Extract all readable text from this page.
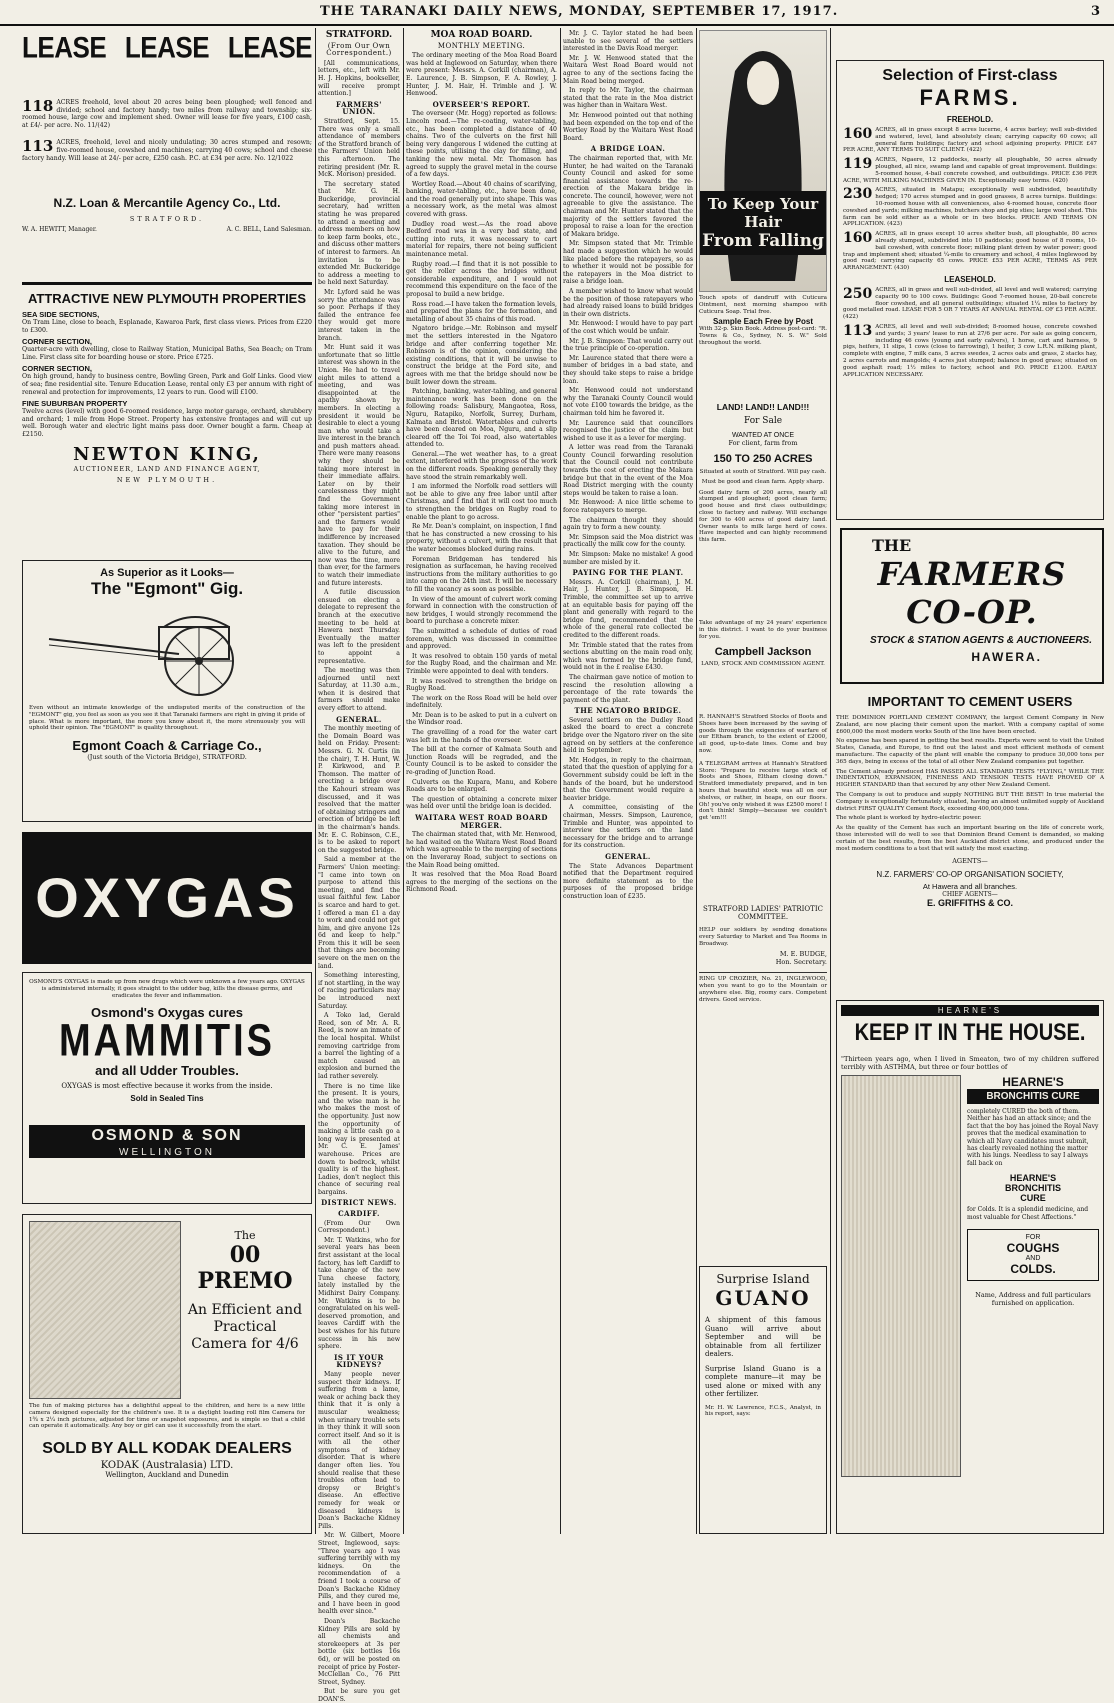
THE TARANAKI DAILY NEWS, MONDAY, SEPTEMBER 17, 1917.	3
LEASE LEASE LEASE

118 ACRES freehold, level about 20 acres being been ploughed; well fenced and divided; school and factory handy; two miles from railway and township; six-roomed house, large cow and implement shed. Owner will lease for five years, £100 cash, at £4/- per acre. No. 11/(42)

113 ACRES, freehold, level and nicely undulating; 30 acres stumped and resown; five-roomed house, cowshed and machines; carrying 40 cows; school and cheese factory handy. Will lease at 24/- per acre, £250 cash. P.C. at £34 per acre. No. 12/1022

N.Z. Loan & Mercantile Agency Co., Ltd.
STRATFORD.
W. A. HEWITT, Manager.	A. C. BELL, Land Salesman.
ATTRACTIVE NEW PLYMOUTH PROPERTIES
SEA SIDE SECTIONS,
On Tram Line, close to beach, Esplanade, Kawaroa Park, first class views. Prices from £220 to £300.
CORNER SECTION,
Quarter-acre with dwelling, close to Railway Station, Municipal Baths, Sea Beach; on Tram Line. First class site for boarding house or store. Price £725.
CORNER SECTION,
On high ground, handy to business centre, Bowling Green, Park and Golf Links. Good view of sea; fine residential site. Tenure Education Lease, rental only £3 per annum with right of renewal and protection for improvements, 12 years to run. Good will £100.
FINE SUBURBAN PROPERTY
Twelve acres (level) with good 6-roomed residence, large motor garage, orchard, shrubbery and orchard; 1 mile from Hope Street. Property has extensive frontages and will cut up well. Borough water and electric light mains pass door. Owner bought a farm. Cheap at £2150.
NEWTON KING,
AUCTIONEER, LAND AND FINANCE AGENT,
NEW PLYMOUTH.
As Superior as it Looks—
The "Egmont" Gig.
Even without an intimate knowledge of the undisputed merits of the construction of the "EGMONT" gig, you feel as soon as you see it that Taranaki farmers are right in giving it pride of place. What is more important, the more you know about it, the more strenuously you will uphold their opinion. The "EGMONT" is quality throughout.
Egmont Coach & Carriage Co.,
(Just south of the Victoria Bridge), STRATFORD.
OXYGAS
OSMOND'S OXYGAS is made up from new drugs which were unknown a few years ago. OXYGAS is administered internally, it goes straight to the udder bag, kills the disease germs, and eradicates the fever and inflammation.
Osmond's Oxygas cures
MAMMITIS
and all Udder Troubles.
OXYGAS is most effective because it works from the inside.
Sold in Sealed Tins
OSMOND & SON
WELLINGTON
The
00 PREMO
An Efficient and Practical Camera for 4/6
The fun of making pictures has a delightful appeal to the children, and here is a new little camera designed especially for the children's use. It is a daylight loading roll film Camera for 1¾ x 2¼ inch pictures, adjusted for time or snapshot exposures, and is simple so that a child can operate it automatically. Any boy or girl can use it successfully from the start.
SOLD BY ALL KODAK DEALERS
KODAK (Australasia) LTD.
Wellington, Auckland and Dunedin
STRATFORD.
(From Our Own Correspondent.)

[All communications, letters, etc., left with Mr. H. J. Hopkins, bookseller, will receive prompt attention.]

FARMERS' UNION.

Stratford, Sept. 15. There was only a small attendance of members of the Stratford branch of the Farmers' Union held this afternoon. The retiring president (Mr. R. McK. Morison) presided.

The secretary stated that Mr. G. H. Buckeridge, provincial secretary, had written stating he was prepared to attend a meeting and address members on how to keep farm books, etc., and discuss other matters of interest to farmers. An invitation is to be extended Mr. Buckeridge to address a meeting to be held next Saturday.

Mr. Lyford said he was sorry the attendance was so poor. Perhaps if they failed the entrance fee they would get more interest taken in the branch.

Mr. Hunt said it was unfortunate that so little interest was shown in the Union. He had to travel eight miles to attend a meeting, and was disappointed at the apathy shown by members. In electing a president it would be desirable to elect a young man who would take a live interest in the branch and push matters ahead. There were many reasons why they should be taking more interest in their immediate affairs. Later on by their carelessness they might find the Government taking more interest in other "persistent parties" and the farmers would have to pay for their indifference by increased taxation. They should be alive to the future, and now was the time, more than ever, for the farmers to watch their immediate and future interests.

A futile discussion ensued on electing a delegate to represent the branch at the executive meeting to be held at Hawera next Thursday. Eventually the matter was left to the president to appoint a representative.

The meeting was then adjourned until next Saturday, at 11.30 a.m., when it is desired that farmers should make every effort to attend.

GENERAL.

The monthly meeting of the Domain Board was held on Friday. Present: Messrs. G. N. Curtis (in the chair), T. H. Hunt, W. P. Kirkwood, and P. Thomson. The matter of erecting a bridge over the Kahouri stream was discussed, and it was resolved that the matter of obtaining stringers and erection of bridge be left in the chairman's hands. Mr. E. C. Robinson, C.E., is to be asked to report on the suggested bridge.

Said a member at the Farmers' Union meeting: "I came into town on purpose to attend this meeting, and find the usual faithful few. Labor is scarce and hard to get. I offered a man £1 a day to work and could not get him, and give anyone 12s 6d and keep to help." From this it will be seen that things are becoming severe on the men on the land.

Something interesting, if not startling, in the way of racing particulars may be introduced next Saturday.

A Toko lad, Gerald Reed, son of Mr. A. R. Reed, is now an inmate of the local hospital. Whilst removing cartridge from a barrel the lighting of a match caused an explosion and burned the lad rather severely.

There is no time like the present. It is yours, and the wise man is he who makes the most of the opportunity. Just now the opportunity of making a little cash go a long way is presented at Mr. C. E. James' warehouse. Prices are down to bedrock, whilst quality is of the highest. Ladies, don't neglect this chance of securing real bargains.

DISTRICT NEWS.
CARDIFF.

(From Our Own Correspondent.)

Mr. T. Watkins, who for several years has been first assistant at the local factory, has left Cardiff to take charge of the new Tuna cheese factory, lately installed by the Midhirst Dairy Company. Mr. Watkins is to be congratulated on his well-deserved promotion, and leaves Cardiff with the best wishes for his future success in his new sphere.

IS IT YOUR KIDNEYS?

Many people never suspect their kidneys. If suffering from a lame, weak or aching back they think that it is only a muscular weakness; when urinary trouble sets in they think it will soon correct itself. And so it is with all the other symptoms of kidney disorder. That is where danger often lies. You should realise that these troubles often lead to dropsy or Bright's disease. An effective remedy for weak or diseased kidneys is Doan's Backache Kidney Pills.

Mr. W. Gilbert, Moore Street, Inglewood, says: "Three years ago I was suffering terribly with my kidneys. On the recommendation of a friend I took a course of Doan's Backache Kidney Pills, and they cured me, and I have been in good health ever since."

Doan's Backache Kidney Pills are sold by all chemists and storekeepers at 3s per bottle (six bottles 16s 6d), or will be posted on receipt of price by Foster-McClellan Co., 76 Pitt Street, Sydney.

But be sure you get DOAN'S.

MOA ROAD BOARD.
MONTHLY MEETING.

The ordinary meeting of the Moa Road Board was held at Inglewood on Saturday, when there were present: Messrs. A. Corkill (chairman), A. E. Laurence, J. B. Simpson, F. A. Rowley, J. Hunter, J. M. Hair, H. Trimble and J. W. Henwood.

OVERSEER'S REPORT.

The overseer (Mr. Hogg) reported as follows: Lincoln road.—The re-coating, water-tabling, etc., has been completed a distance of 40 chains. Two of the culverts on the first hill being very dangerous I widened the cutting at these points, utilising the clay for filling, and tanking the new metal. Mr. Thomason has agreed to supply the gravel metal in the course of a few days.

Wortley Road.—About 40 chains of scarifying, banking, water-tabling, etc., have been done, and the road generally put into shape. This was a necessary work, as the metal was almost covered with grass.

Dudley road west.—As the road above Bedford road was in a very bad state, and cutting into ruts, it was necessary to cart material for repairs, there not being sufficient maintenance metal.

Rugby road.—I find that it is not possible to get the roller across the bridges without considerable expenditure, and I would not recommend this expenditure on the face of the proposal to build a new bridge.

Ross road.—I have taken the formation levels, and prepared the plans for the formation, and metalling of about 35 chains of this road.

Ngatoro bridge.—Mr. Robinson and myself met the settlers interested in the Ngatoro bridge and after conferring together Mr. Robinson is of the opinion, considering the existing conditions, that it will be unwise to construct the bridge at the Ford site, and agrees with me that the bridge should now be built lower down the stream.

Patching, banking, water-tabling, and general maintenance work has been done on the following roads: Salisbury, Mangaotea, Ross, Nguru, Ratapiko, Norfolk, Surrey, Durham, Kalmata and Bristol. Watertables and culverts have been cleared on Moa, Nguru, and a slip cleared off the Toi Toi road, also watertables attended to.

General.—The wet weather has, to a great extent, interfered with the progress of the work on the different roads. Speaking generally they have stood the strain remarkably well.

I am informed the Norfolk road settlers will not be able to give any free labor until after Christmas, and I find that it will cost too much to strengthen the bridges on Rugby road to enable the plant to go across.

Re Mr. Dean's complaint, on inspection, I find that he has constructed a new crossing to his property, without a culvert, with the result that the water becomes blocked during rains.

Foreman Bridgeman has tendered his resignation as surfaceman, he having received instructions from the military authorities to go into camp on the 24th inst. It will be necessary to fill the vacancy as soon as possible.

In view of the amount of culvert work coming forward in connection with the construction of new bridges, I would strongly recommend the board to purchase a concrete mixer.

The submitted a schedule of duties of road foremen, which was discussed in committee and approved.

It was resolved to obtain 150 yards of metal for the Rugby Road, and the chairman and Mr. Trimble were appointed to deal with tenders.

It was resolved to strengthen the bridge on Rugby Road.

The work on the Ross Road will be held over indefinitely.

Mr. Dean is to be asked to put in a culvert on the Windsor road.

The gravelling of a road for the water cart was left in the hands of the overseer.

The bill at the corner of Kalmata South and Junction Roads will be regraded, and the County Council is to be asked to consider the re-grading of Junction Road.

Culverts on the Kupara, Manu, and Kobere Roads are to be enlarged.

The question of obtaining a concrete mixer was held over until the bridge loan is decided.

WAITARA WEST ROAD BOARD MERGER.

The chairman stated that, with Mr. Henwood, he had waited on the Waitara West Road Board which was agreeable to the merging of sections on the Inveraray Road, subject to sections on the Main Road being omitted.

It was resolved that the Moa Road Board agrees to the merging of the sections on the Richmond Road.

Mr. J. C. Taylor stated he had been unable to see several of the settlers interested in the Davis Road merger.

Mr. J. W. Henwood stated that the Waitara West Road Board would not agree to any of the sections facing the Main Road being merged.

In reply to Mr. Taylor, the chairman stated that the rate in the Moa district was higher than in Waitara West.

Mr. Henwood pointed out that nothing had been expended on the top end of the Wortley Road by the Waitara West Road Board.

A BRIDGE LOAN.

The chairman reported that, with Mr. Hunter, he had waited on the Taranaki County Council and asked for some financial assistance towards the re-erection of the Makara bridge in concrete. The council, however, were not agreeable to give the assistance. The chairman and Mr. Hunter stated that the majority of the settlers favored the proposal to raise a loan for the erection of Makara bridge.

Mr. Simpson stated that Mr. Trimble had made a suggestion which he would like placed before the ratepayers, so as to whether it would not be possible for the ratepayers in the Moa district to raise a bridge loan.

A member wished to know what would be the position of those ratepayers who had already raised loans to build bridges in their own districts.

Mr. Henwood: I would have to pay part of the cost which would be unfair.

Mr. J. B. Simpson: That would carry out the true principle of co-operation.

Mr. Laurence stated that there were a number of bridges in a bad state, and they should take steps to raise a bridge loan.

Mr. Henwood could not understand why the Taranaki County Council would not vote £100 towards the bridge, as the chairman told him he favored it.

Mr. Laurence said that councillors recognised the justice of the claim but wished to use it as a lever for merging.

A letter was read from the Taranaki County Council forwarding resolution that the Council could not contribute towards the cost of erecting the Makara bridge but that in the event of the Moa Road District merging with the county steps would be taken to raise a loan.

Mr. Henwood: A nice little scheme to force ratepayers to merge.

The chairman thought they should again try to form a new county.

Mr. Simpson said the Moa district was practically the milk cow for the county.

Mr. Simpson: Make no mistake! A good number are misled by it.

PAYING FOR THE PLANT.

Messrs. A. Corkill (chairman), J. M. Hair, J. Hunter, J. B. Simpson, H. Trimble, the committee set up to arrive at an equitable basis for paying off the plant and generally with regard to the bridge fund, recommended that the whole of the general rate collected be credited to the different roads.

Mr. Trimble stated that the rates from sections abutting on the main road only, which was formed by the bridge fund, would not in the £ realise £430.

The chairman gave notice of motion to rescind the resolution allowing a percentage of the rate towards the payment of the plant.

THE NGATORO BRIDGE.

Several settlers on the Dudley Road asked the board to erect a concrete bridge over the Ngatoro river on the site agreed on by settlers at the conference held in September.

Mr. Hodges, in reply to the chairman, stated that the question of applying for a Government subsidy could be left in the hands of the board, but he understood that the Government would require a heavier bridge.

A committee, consisting of the chairman, Messrs. Simpson, Laurence, Trimble and Hunter, was appointed to interview the settlers on the land necessary for the bridge and to arrange for its construction.

GENERAL.

The State Advances Department notified that the Department required more definite statement as to the purposes of the proposed bridge construction loan of £235.

To Keep Your Hair
From Falling
Touch spots of dandruff with Cuticura Ointment, next morning shampoo with Cuticura Soap. Trial free.
Sample Each Free by Post
With 32-p. Skin Book. Address post-card: "R. Towns & Co., Sydney, N. S. W." Sold throughout the world.
LAND! LAND!! LAND!!!
For Sale
WANTED AT ONCE
For client, farm from
150 TO 250 ACRES
Situated at south of Stratford. Will pay cash.
Must be good and clean farm. Apply sharp.
Good dairy farm of 200 acres, nearly all stumped and ploughed; good clean farm; good house and first class outbuildings; close to factory and railway. Will exchange for 300 to 400 acres of good dairy land. Owner wants to milk large herd of cows. Have inspected and can highly recommend this farm.
Take advantage of my 24 years' experience in this district. I want to do your business for you.
Campbell Jackson
LAND, STOCK AND COMMISSION AGENT.
R. HANNAH'S Stratford Stocks of Boots and Shoes have been increased by the saving of goods through the exigencies of warfare of our Eltham branch, to the extent of £2000, all good, up-to-date lines. Come and buy now.
A TELEGRAM arrives at Hannah's Stratford Store: "Prepare to receive large stock of Boots and Shoes, Eltham closing down." Stratford immediately prepared, and in ten hours that beautiful stock was all on our shelves, or rather, in heaps, on our floors. Oh! you've only wished it was £2500 more! I don't think! Simply—because we couldn't get 'em!!!
STRATFORD LADIES' PATRIOTIC COMMITTEE.
HELP our soldiers by sending donations every Saturday to Market and Tea Rooms in Broadway.
M. E. BUDGE,
Hon. Secretary.
RING UP CROZIER, No. 21, INGLEWOOD, when you want to go to the Mountain or anywhere else. Big, roomy cars. Competent drivers. Good service.
Surprise Island
GUANO
A shipment of this famous Guano will arrive about September and will be obtainable from all fertilizer dealers.
Surprise Island Guano is a complete manure—it may be used alone or mixed with any other fertilizer.
Mr. H. W. Lawrence, F.C.S., Analyst, in his report, says:
Selection of First-class
FARMS.
FREEHOLD.
160 ACRES, all in grass except 8 acres lucerne, 4 acres barley; well sub-divided and watered, level, land absolutely clean; carrying capacity 60 cows; all general farm buildings; factory and school adjoining property. PRICE £47 PER ACRE, ANY TERMS TO SUIT CLIENT. (422)
119 ACRES, Ngaere, 12 paddocks, nearly all ploughable, 50 acres already ploughed, all nice, swamp land and capable of great improvement. Buildings: 5-roomed house, 4-bail concrete cowshed, and outbuildings. PRICE £36 PER ACRE, WITH MILKING MACHINES GIVEN IN. Exceptionally easy terms. (420)
230 ACRES, situated in Matapu; exceptionally well subdivided, beautifully hedged; 170 acres stumped and in good grasses, 8 acres turnips. Buildings: 10-roomed house with all conveniences, also 4-roomed house, concrete floor cowshed and yards; milking machines, butchers shop and pig sties; large wool shed. This farm can be sold either as a whole or in two blocks. PRICE AND TERMS ON APPLICATION. (423)
160 ACRES, all in grass except 10 acres shelter bush, all ploughable, 80 acres already stumped, subdivided into 10 paddocks; good house of 8 rooms, 10-bail cowshed, with concrete floor; milking plant driven by water power; good trap and implement shed; situated ¼-mile to creamery and school, 4 miles Inglewood by good road; carrying capacity 65 cows. PRICE £53 PER ACRE, TERMS AS PER ARRANGEMENT. (430)
LEASEHOLD.
250 ACRES, all in grass and well sub-divided, all level and well watered; carrying capacity 90 to 100 cows. Buildings: Good 7-roomed house, 20-bail concrete floor cowshed, and all general outbuildings; situated 1¼ miles to factory by good metalled road. LEASE FOR 5 OR 7 YEARS AT ANNUAL RENTAL OF £3 PER ACRE. (422)
113 ACRES, all level and well sub-divided; 8-roomed house, concrete cowshed and yards; 3 years' lease to run at 27/6 per acre. For sale as going concern, including 46 cows (young and early calvers), 1 horse, cart and harness, 9 pigs, heifers, 11 slips, 1 cows (close to farrowing), 1 heifer, 3 cow L.R.N. milking plant, complete with engine, 7 milk cans, 5 acres swedes, 2 acres oats and grass, 2 stacks hay, 2 acres carrots and mangolds; 4 acres just stumped; balance in good grass; situated on good asphalt road; 1½ miles to factory, school and P.O. PRICE £1200. EARLY APPLICATION NECESSARY.
THE
FARMERS CO-OP.
STOCK & STATION AGENTS & AUCTIONEERS.
HAWERA.
IMPORTANT TO CEMENT USERS
THE DOMINION PORTLAND CEMENT COMPANY, the largest Cement Company in New Zealand, are now placing their cement upon the market. With a company capital of some £600,000 the most modern works South of the line have been erected.
No expense has been spared in getting the best results. Experts were sent to visit the United States, Canada, and Europe, to find out the latest and most efficient methods of cement manufacture. The capacity of the plant will enable the company to produce 30,000 tons per 365 days, being in excess of the total of all other New Zealand companies put together.
The Cement already produced HAS PASSED ALL STANDARD TESTS "FLYING," WHILE THE INDENTATION, EXPANSION, FINENESS AND TENSION TESTS HAVE PROVED OF A HIGHER STANDARD than that secured by any other New Zealand Cement.
The Company is out to produce and supply NOTHING BUT THE BEST! In true material the Company is exceptionally fortunately situated, having an almost unlimited supply of Auckland district FIRST QUALITY Cement Rock, exceeding 400,000,000 tons.
The whole plant is worked by hydro-electric power.
As the quality of the Cement has such an important bearing on the life of concrete work, those interested will do well to see that Dominion Brand Cement is demanded, so making certain of the best results, from the best Auckland district stone, and produced under the most modern conditions to a test that will satisfy the most exacting.
AGENTS—
N.Z. FARMERS' CO-OP ORGANISATION SOCIETY,
At Hawera and all branches.
CHIEF AGENTS—
E. GRIFFITHS & CO.
HEARNE'S
KEEP IT IN THE HOUSE.
"Thirteen years ago, when I lived in Smeaton, two of my children suffered terribly with ASTHMA, but three or four bottles of
HEARNE'S
BRONCHITIS CURE
completely CURED the both of them. Neither has had an attack since; and the fact that the boy has joined the Royal Navy proves that the medical examination to which all Navy candidates must submit, has clearly revealed nothing the matter with his lungs. Needless to say I always fall back on
HEARNE'S
BRONCHITIS
CURE
for Colds. It is a splendid medicine, and most valuable for Chest Affections."
FOR
COUGHS
AND
COLDS.
Name, Address and full particulars furnished on application.
